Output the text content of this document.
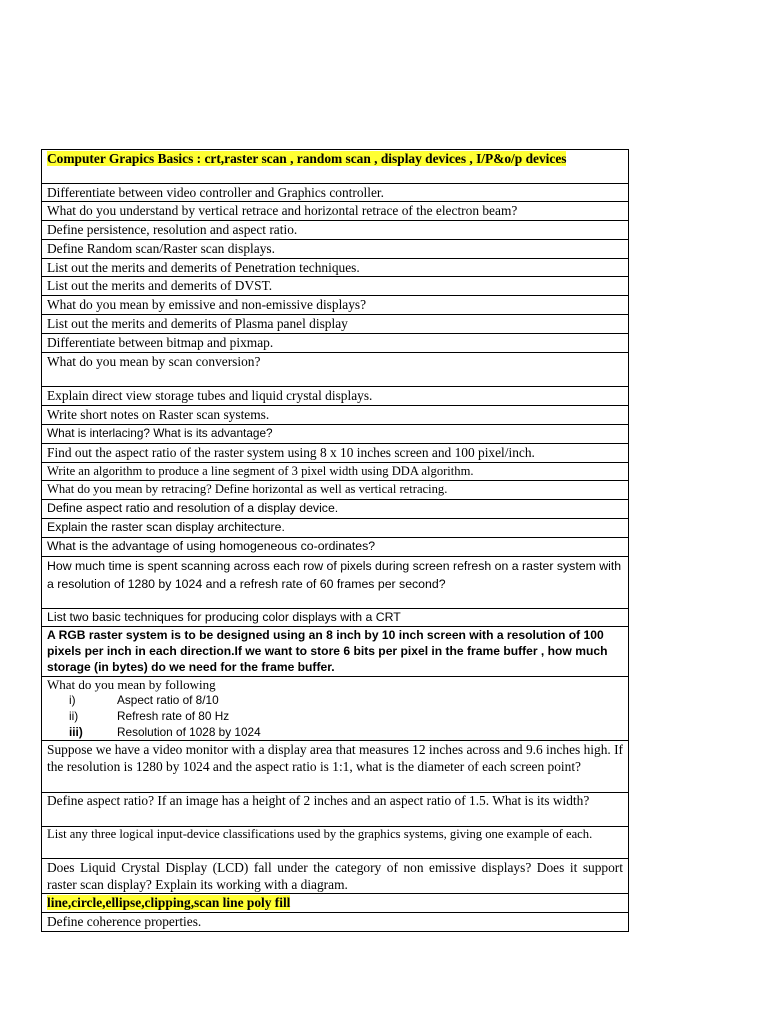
Computer Grapics Basics : crt,raster scan , random scan , display devices , I/P&o/p devices
Differentiate between video controller and Graphics controller.
What do you understand by vertical retrace and horizontal retrace of the electron beam?
Define persistence, resolution and aspect ratio.
Define Random scan/Raster scan displays.
List out the merits and demerits of Penetration techniques.
List out the merits and demerits of DVST.
What do you mean by emissive and non-emissive displays?
List out the merits and demerits of Plasma panel display
Differentiate between bitmap and pixmap.
What do you mean by scan conversion?
Explain direct view storage tubes and liquid crystal displays.
Write short notes on Raster scan systems.
What is interlacing? What is its advantage?
Find out the aspect ratio of the raster system using 8 x 10 inches screen and 100 pixel/inch.
Write an algorithm to produce a line segment of 3 pixel width using DDA algorithm.
What do you mean by retracing? Define horizontal as well as vertical retracing.
Define aspect ratio and resolution of a display device.
Explain the raster scan display architecture.
What is the advantage of using homogeneous co-ordinates?
How much time is spent scanning across each row of pixels during screen refresh on a raster system with a resolution of 1280 by 1024 and a refresh rate of 60 frames per second?
List two basic techniques for producing color displays with a CRT
A RGB raster system is to be designed using an 8 inch by 10 inch screen with a resolution of 100 pixels per inch in each direction.If we want to store 6 bits per pixel in the frame buffer , how much storage (in bytes) do we need for the frame buffer.

What do you mean by following
i)	Aspect ratio of 8/10
ii)	Refresh rate of 80 Hz
iii)	Resolution of 1028 by 1024

Suppose we have a video monitor with a display area that measures 12 inches across and 9.6 inches high. If the resolution is 1280 by 1024 and the aspect ratio is 1:1, what is the diameter of each screen point?
Define aspect ratio? If an image has a height of 2 inches and an aspect ratio of 1.5. What is its width?
List any three logical input-device classifications used by the graphics systems, giving one example of each.
Does Liquid Crystal Display (LCD) fall under the category of non emissive displays? Does it support raster scan display? Explain its working with a diagram.
line,circle,ellipse,clipping,scan line poly fill
Define coherence properties.
